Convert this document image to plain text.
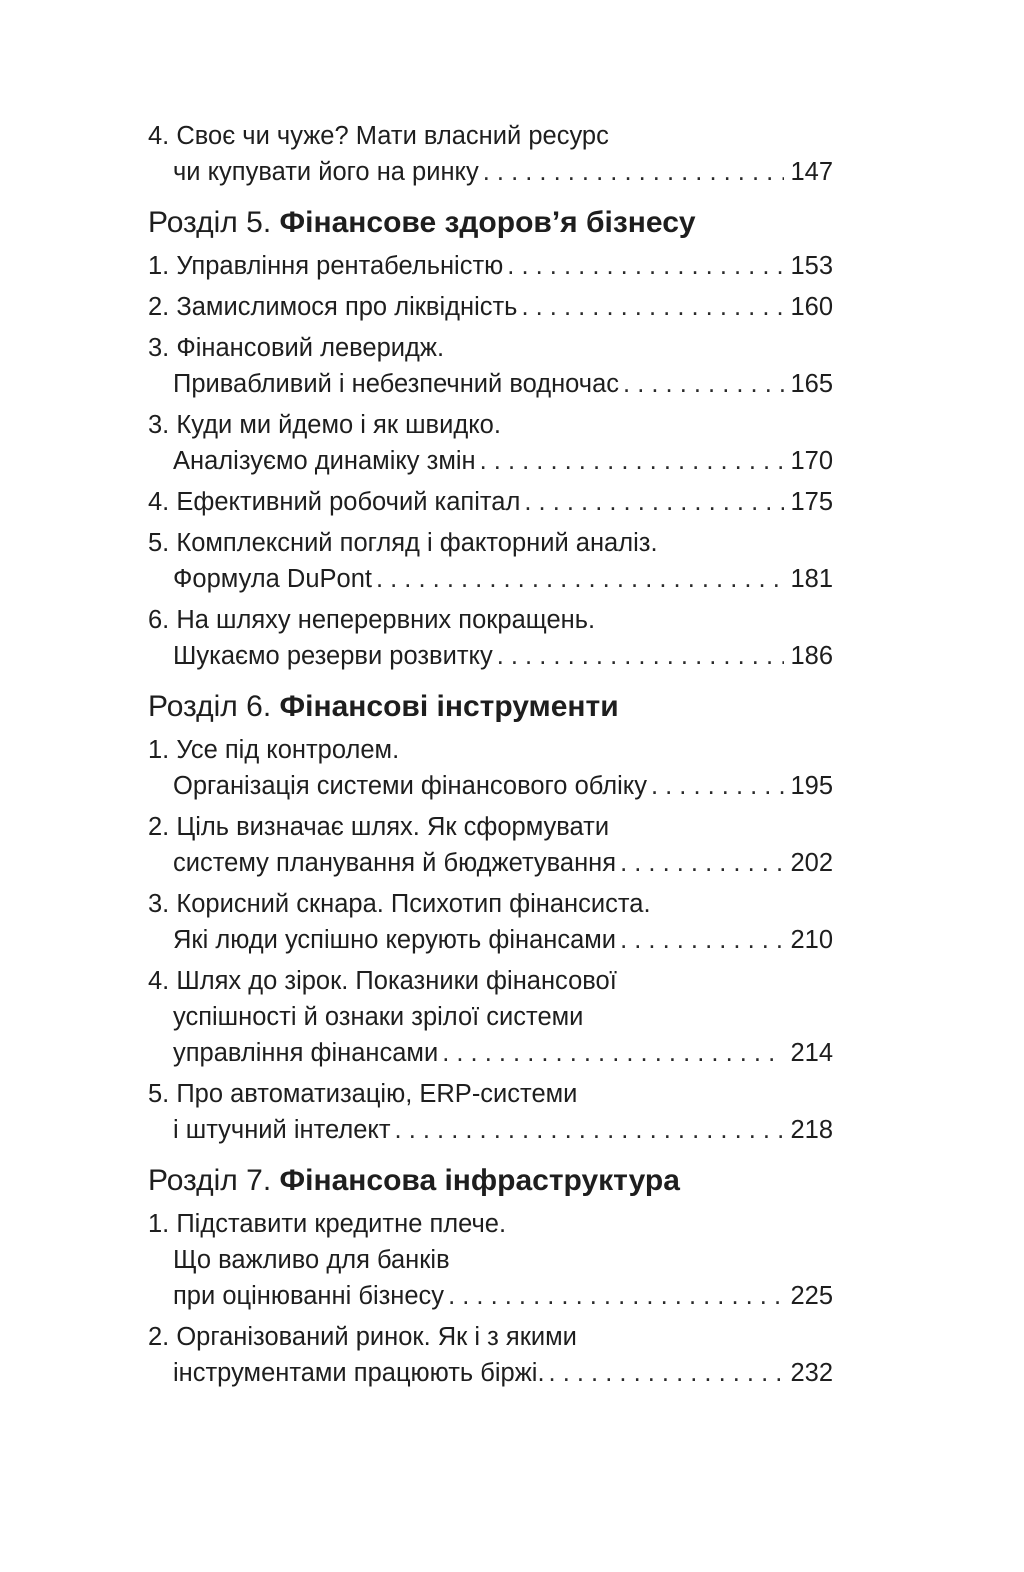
4. Своє чи чуже? Мати власний ресурс
чи купувати його на ринку . . .	147
Розділ 5. Фінансове здоров’я бізнесу
1. Управління рентабельністю . . .	153
2. Замислимося про ліквідність . . .	160
3. Фінансовий леверидж.
Привабливий і небезпечний водночас . . .	165
3. Куди ми йдемо і як швидко.
Аналізуємо динаміку змін . . .	170
4. Ефективний робочий капітал . . .	175
5. Комплексний погляд і факторний аналіз.
Формула DuPont . . .	181
6. На шляху неперервних покращень.
Шукаємо резерви розвитку . . .	186
Розділ 6. Фінансові інструменти
1. Усе під контролем.
Організація системи фінансового обліку . . .	195
2. Ціль визначає шлях. Як сформувати
систему планування й бюджетування . . .	202
3. Корисний скнара. Психотип фінансиста.
Які люди успішно керують фінансами . . .	210
4. Шлях до зірок. Показники фінансової
успішності й ознаки зрілої системи
управління фінансами . . .	214
5. Про автоматизацію, ERP-системи
і штучний інтелект . . .	218
Розділ 7. Фінансова інфраструктура
1. Підставити кредитне плече.
Що важливо для банків
при оцінюванні бізнесу . . .	225
2. Організований ринок. Як і з якими
інструментами працюють біржі. . . .	232
